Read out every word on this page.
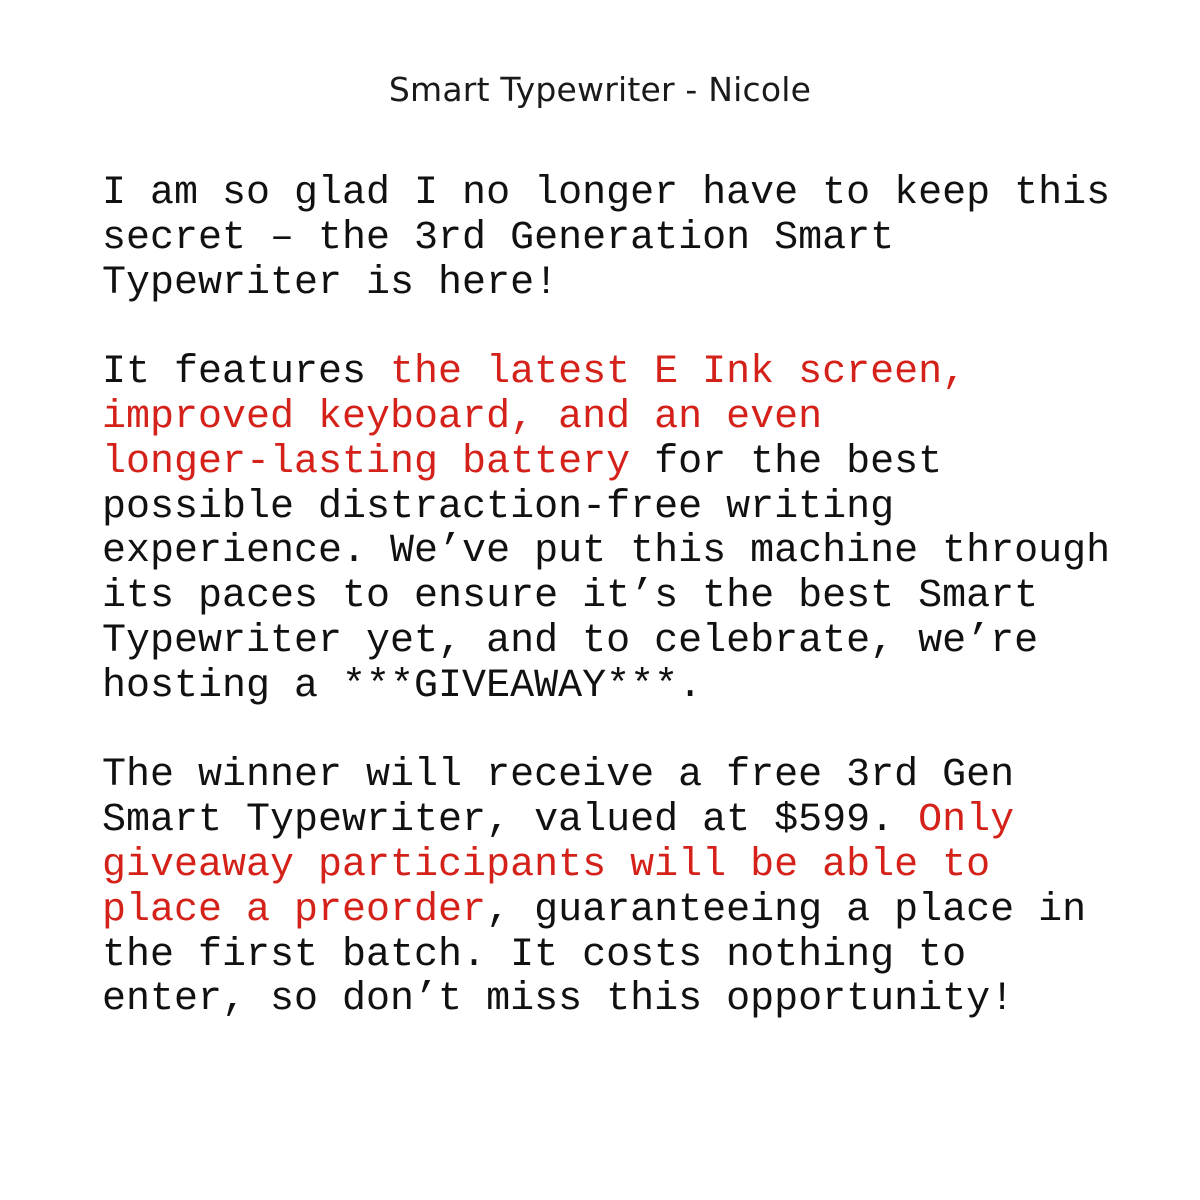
Smart Typewriter - Nicole

I am so glad I no longer have to keep this
secret – the 3rd Generation Smart
Typewriter is here!

It features the latest E Ink screen,
improved keyboard, and an even
longer-lasting battery for the best
possible distraction-free writing
experience. We’ve put this machine through
its paces to ensure it’s the best Smart
Typewriter yet, and to celebrate, we’re
hosting a ***GIVEAWAY***.

The winner will receive a free 3rd Gen
Smart Typewriter, valued at $599. Only
giveaway participants will be able to
place a preorder, guaranteeing a place in
the first batch. It costs nothing to
enter, so don’t miss this opportunity!
